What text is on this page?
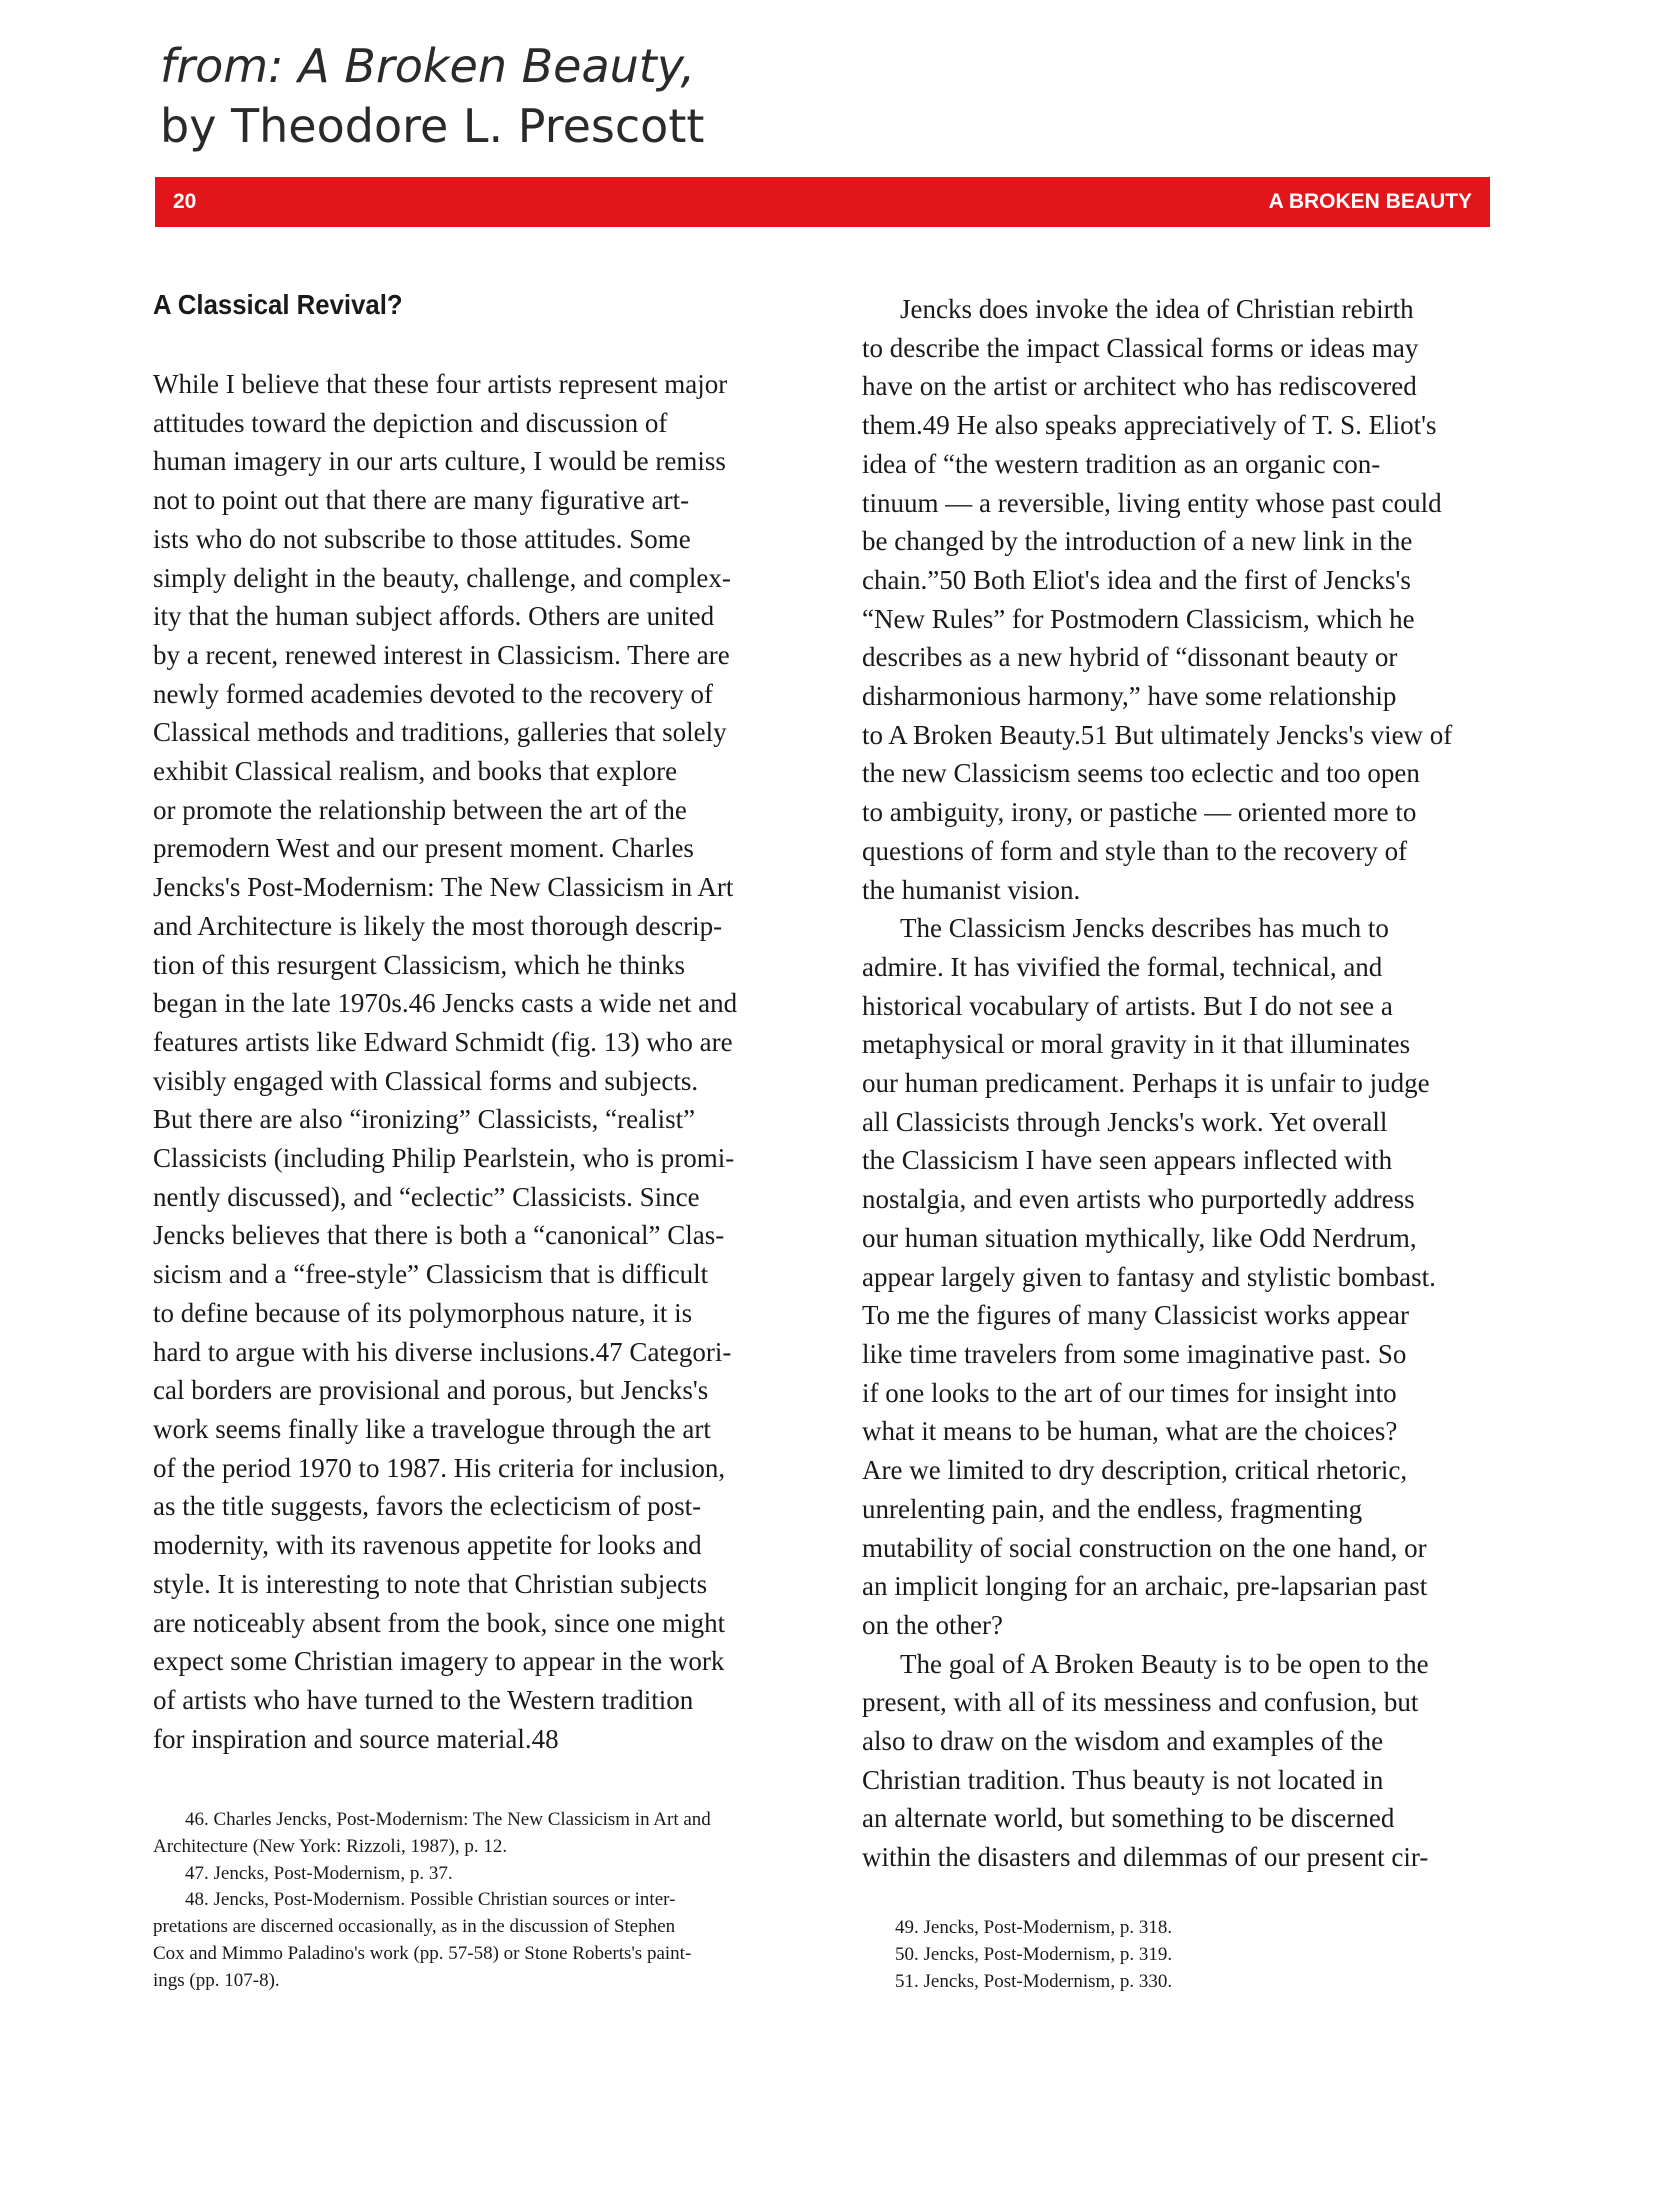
from: A Broken Beauty,
by Theodore L. Prescott
20	A BROKEN BEAUTY
A Classical Revival?
While I believe that these four artists represent major
attitudes toward the depiction and discussion of
human imagery in our arts culture, I would be remiss
not to point out that there are many figurative art-
ists who do not subscribe to those attitudes. Some
simply delight in the beauty, challenge, and complex-
ity that the human subject affords. Others are united
by a recent, renewed interest in Classicism. There are
newly formed academies devoted to the recovery of
Classical methods and traditions, galleries that solely
exhibit Classical realism, and books that explore
or promote the relationship between the art of the
premodern West and our present moment. Charles
Jencks's Post-Modernism: The New Classicism in Art
and Architecture is likely the most thorough descrip-
tion of this resurgent Classicism, which he thinks
began in the late 1970s.46 Jencks casts a wide net and
features artists like Edward Schmidt (fig. 13) who are
visibly engaged with Classical forms and subjects.
But there are also “ironizing” Classicists, “realist”
Classicists (including Philip Pearlstein, who is promi-
nently discussed), and “eclectic” Classicists. Since
Jencks believes that there is both a “canonical” Clas-
sicism and a “free-style” Classicism that is difficult
to define because of its polymorphous nature, it is
hard to argue with his diverse inclusions.47 Categori-
cal borders are provisional and porous, but Jencks's
work seems finally like a travelogue through the art
of the period 1970 to 1987. His criteria for inclusion,
as the title suggests, favors the eclecticism of post-
modernity, with its ravenous appetite for looks and
style. It is interesting to note that Christian subjects
are noticeably absent from the book, since one might
expect some Christian imagery to appear in the work
of artists who have turned to the Western tradition
for inspiration and source material.48
Jencks does invoke the idea of Christian rebirth
to describe the impact Classical forms or ideas may
have on the artist or architect who has rediscovered
them.49 He also speaks appreciatively of T. S. Eliot's
idea of “the western tradition as an organic con-
tinuum — a reversible, living entity whose past could
be changed by the introduction of a new link in the
chain.”50 Both Eliot's idea and the first of Jencks's
“New Rules” for Postmodern Classicism, which he
describes as a new hybrid of “dissonant beauty or
disharmonious harmony,” have some relationship
to A Broken Beauty.51 But ultimately Jencks's view of
the new Classicism seems too eclectic and too open
to ambiguity, irony, or pastiche — oriented more to
questions of form and style than to the recovery of
the humanist vision.
The Classicism Jencks describes has much to
admire. It has vivified the formal, technical, and
historical vocabulary of artists. But I do not see a
metaphysical or moral gravity in it that illuminates
our human predicament. Perhaps it is unfair to judge
all Classicists through Jencks's work. Yet overall
the Classicism I have seen appears inflected with
nostalgia, and even artists who purportedly address
our human situation mythically, like Odd Nerdrum,
appear largely given to fantasy and stylistic bombast.
To me the figures of many Classicist works appear
like time travelers from some imaginative past. So
if one looks to the art of our times for insight into
what it means to be human, what are the choices?
Are we limited to dry description, critical rhetoric,
unrelenting pain, and the endless, fragmenting
mutability of social construction on the one hand, or
an implicit longing for an archaic, pre-lapsarian past
on the other?
The goal of A Broken Beauty is to be open to the
present, with all of its messiness and confusion, but
also to draw on the wisdom and examples of the
Christian tradition. Thus beauty is not located in
an alternate world, but something to be discerned
within the disasters and dilemmas of our present cir-
46. Charles Jencks, Post-Modernism: The New Classicism in Art and
Architecture (New York: Rizzoli, 1987), p. 12.
47. Jencks, Post-Modernism, p. 37.
48. Jencks, Post-Modernism. Possible Christian sources or inter-
pretations are discerned occasionally, as in the discussion of Stephen
Cox and Mimmo Paladino's work (pp. 57-58) or Stone Roberts's paint-
ings (pp. 107-8).
49. Jencks, Post-Modernism, p. 318.
50. Jencks, Post-Modernism, p. 319.
51. Jencks, Post-Modernism, p. 330.
